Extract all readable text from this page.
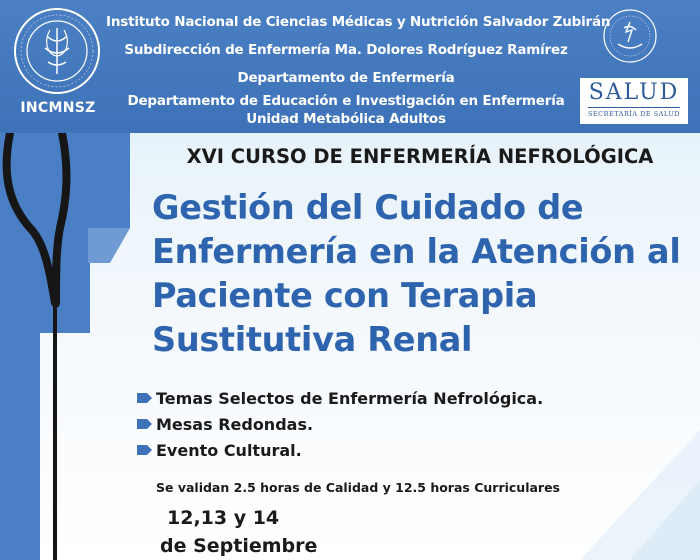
INCMNSZ
Instituto Nacional de Ciencias Médicas y Nutrición Salvador Zubirán
Subdirección de Enfermería Ma. Dolores Rodríguez Ramírez
Departamento de Enfermería
Departamento de Educación e Investigación en Enfermería
Unidad Metabólica Adultos
SALUD
SECRETARÍA DE SALUD
XVI CURSO DE ENFERMERÍA NEFROLÓGICA
Gestión del Cuidado de
Enfermería en la Atención al
Paciente con Terapia
Sustitutiva Renal
Temas Selectos de Enfermería Nefrológica.
Mesas Redondas.
Evento Cultural.
Se validan 2.5 horas de Calidad y 12.5 horas Curriculares
12,13 y 14
de Septiembre
